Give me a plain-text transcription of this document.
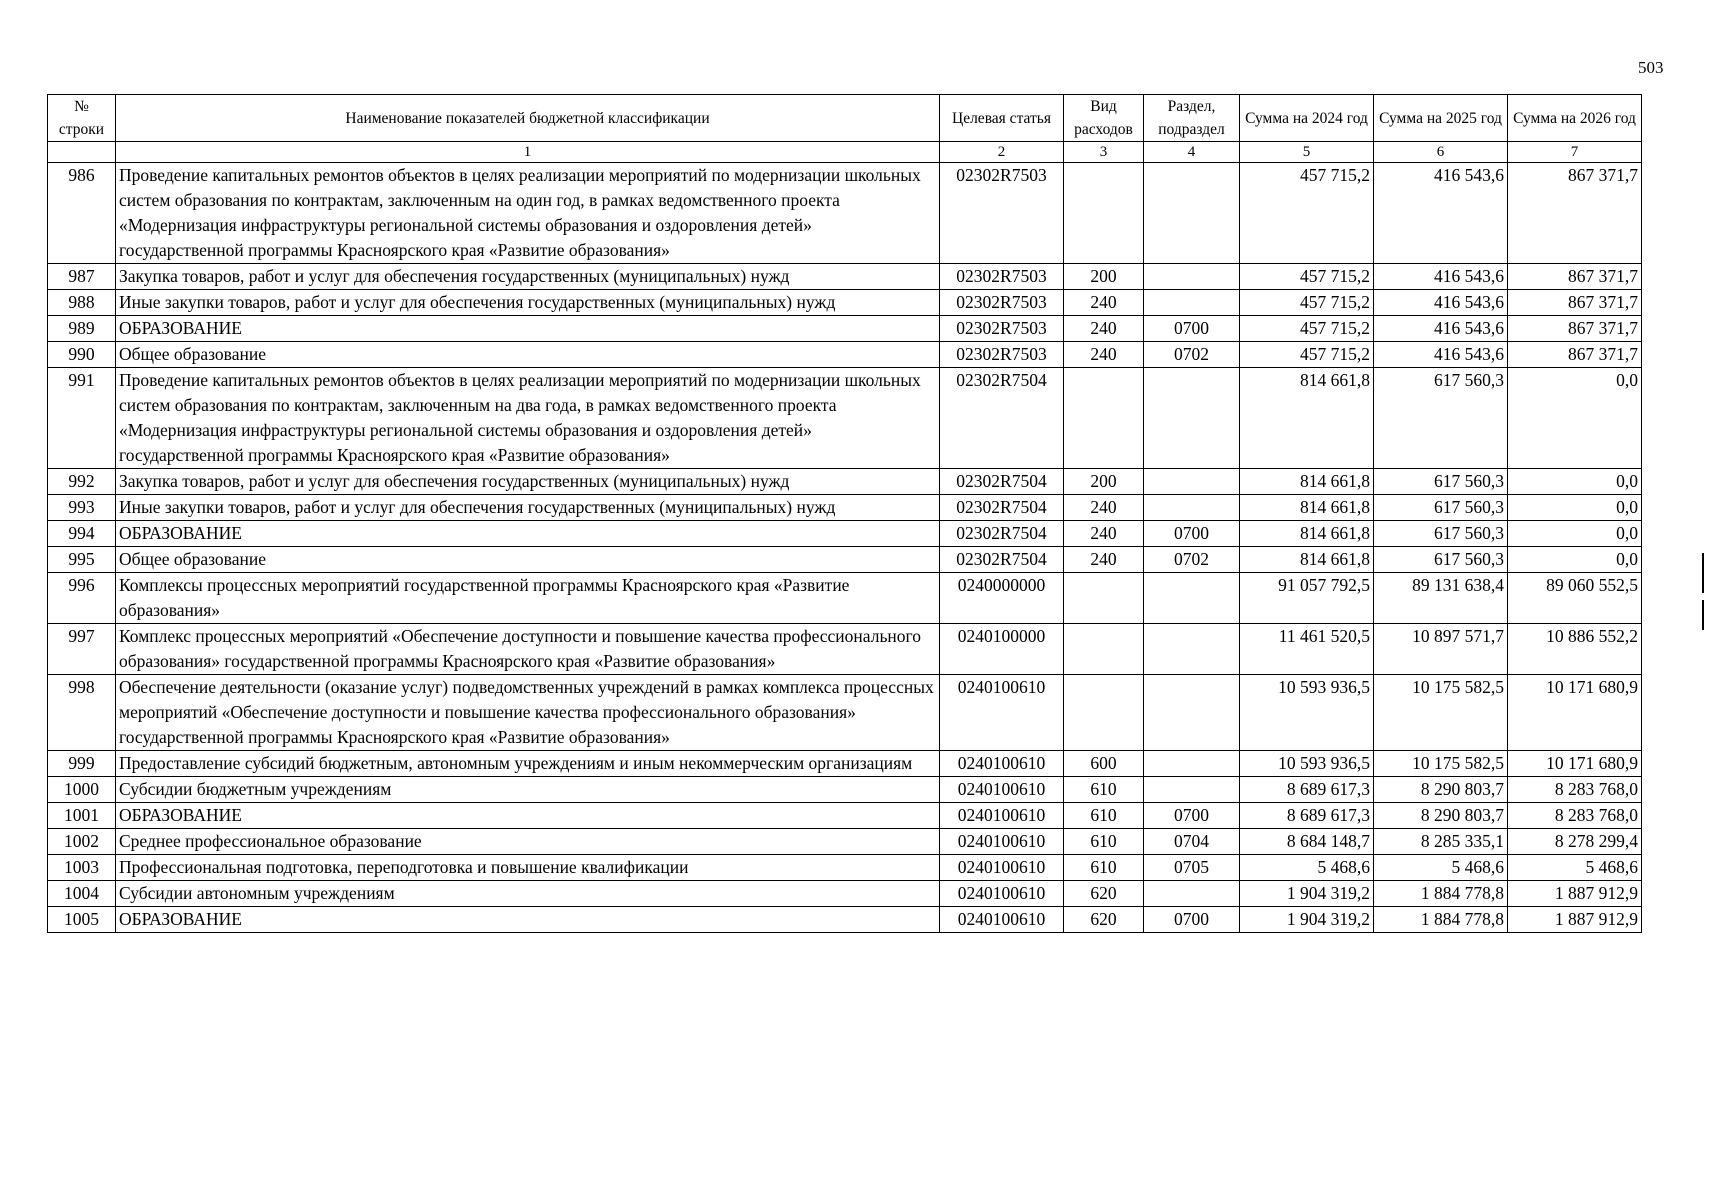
503
№ строки	Наименование показателей бюджетной классификации	Целевая статья	Вид расходов	Раздел, подраздел	Сумма на 2024 год	Сумма на 2025 год	Сумма на 2026 год
	1	2	3	4	5	6	7
986	Проведение капитальных ремонтов объектов в целях реализации мероприятий по модернизации школьных систем образования по контрактам, заключенным на один год, в рамках ведомственного проекта «Модернизация инфраструктуры региональной системы образования и оздоровления детей» государственной программы Красноярского края «Развитие образования»	02302R7503			457 715,2	416 543,6	867 371,7
987	Закупка товаров, работ и услуг для обеспечения государственных (муниципальных) нужд	02302R7503	200		457 715,2	416 543,6	867 371,7
988	Иные закупки товаров, работ и услуг для обеспечения государственных (муниципальных) нужд	02302R7503	240		457 715,2	416 543,6	867 371,7
989	ОБРАЗОВАНИЕ	02302R7503	240	0700	457 715,2	416 543,6	867 371,7
990	Общее образование	02302R7503	240	0702	457 715,2	416 543,6	867 371,7
991	Проведение капитальных ремонтов объектов в целях реализации мероприятий по модернизации школьных систем образования по контрактам, заключенным на два года, в рамках ведомственного проекта «Модернизация инфраструктуры региональной системы образования и оздоровления детей» государственной программы Красноярского края «Развитие образования»	02302R7504			814 661,8	617 560,3	0,0
992	Закупка товаров, работ и услуг для обеспечения государственных (муниципальных) нужд	02302R7504	200		814 661,8	617 560,3	0,0
993	Иные закупки товаров, работ и услуг для обеспечения государственных (муниципальных) нужд	02302R7504	240		814 661,8	617 560,3	0,0
994	ОБРАЗОВАНИЕ	02302R7504	240	0700	814 661,8	617 560,3	0,0
995	Общее образование	02302R7504	240	0702	814 661,8	617 560,3	0,0
996	Комплексы процессных мероприятий государственной программы Красноярского края «Развитие образования»	0240000000			91 057 792,5	89 131 638,4	89 060 552,5
997	Комплекс процессных мероприятий «Обеспечение доступности и повышение качества профессионального образования» государственной программы Красноярского края «Развитие образования»	0240100000			11 461 520,5	10 897 571,7	10 886 552,2
998	Обеспечение деятельности (оказание услуг) подведомственных учреждений в рамках комплекса процессных мероприятий «Обеспечение доступности и повышение качества профессионального образования» государственной программы Красноярского края «Развитие образования»	0240100610			10 593 936,5	10 175 582,5	10 171 680,9
999	Предоставление субсидий бюджетным, автономным учреждениям и иным некоммерческим организациям	0240100610	600		10 593 936,5	10 175 582,5	10 171 680,9
1000	Субсидии бюджетным учреждениям	0240100610	610		8 689 617,3	8 290 803,7	8 283 768,0
1001	ОБРАЗОВАНИЕ	0240100610	610	0700	8 689 617,3	8 290 803,7	8 283 768,0
1002	Среднее профессиональное образование	0240100610	610	0704	8 684 148,7	8 285 335,1	8 278 299,4
1003	Профессиональная подготовка, переподготовка и повышение квалификации	0240100610	610	0705	5 468,6	5 468,6	5 468,6
1004	Субсидии автономным учреждениям	0240100610	620		1 904 319,2	1 884 778,8	1 887 912,9
1005	ОБРАЗОВАНИЕ	0240100610	620	0700	1 904 319,2	1 884 778,8	1 887 912,9
